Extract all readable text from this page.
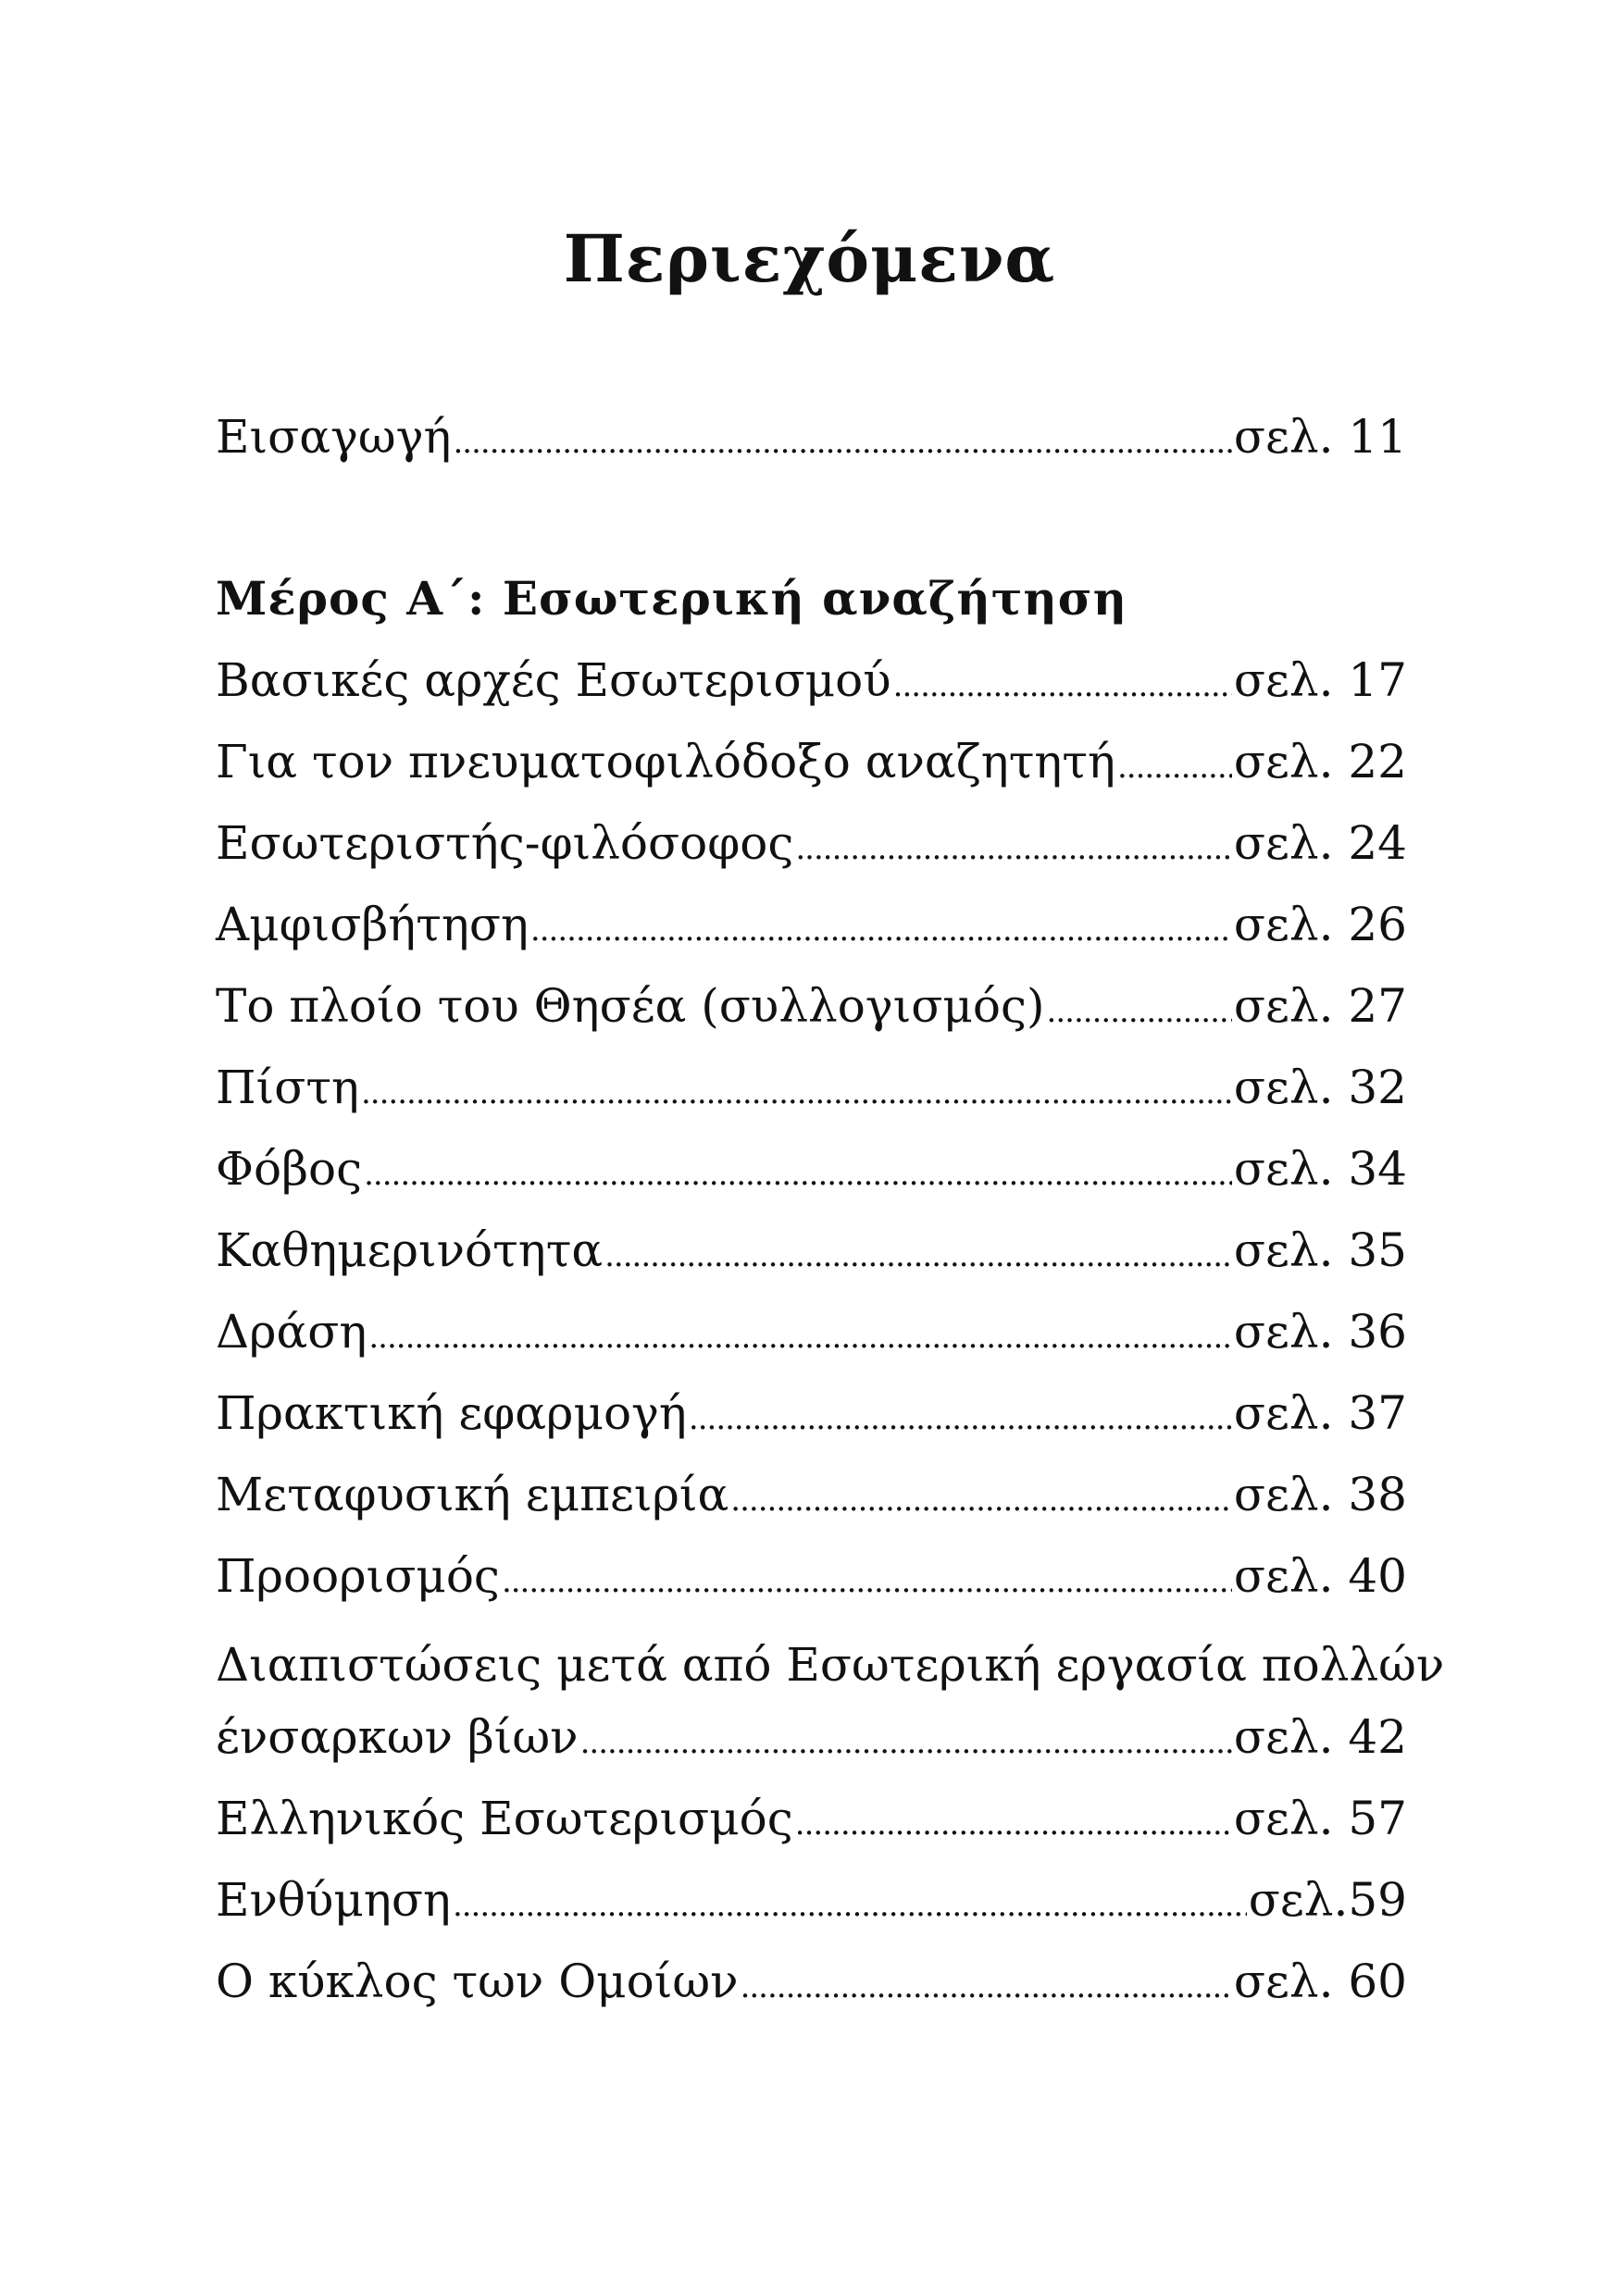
Περιεχόμενα
Εισαγωγή .....	σελ. 11
Μέρος Α΄: Εσωτερική αναζήτηση
Βασικές αρχές Εσωτερισμού .....	σελ. 17
Για τον πνευματοφιλόδοξο αναζητητή .....	σελ. 22
Εσωτεριστής-φιλόσοφος .....	σελ. 24
Αμφισβήτηση .....	σελ. 26
Το πλοίο του Θησέα (συλλογισμός) .....	σελ. 27
Πίστη .....	σελ. 32
Φόβος .....	σελ. 34
Καθημερινότητα .....	σελ. 35
Δράση .....	σελ. 36
Πρακτική εφαρμογή .....	σελ. 37
Μεταφυσική εμπειρία .....	σελ. 38
Προορισμός .....	σελ. 40
Διαπιστώσεις μετά από Εσωτερική εργασία πολλών
ένσαρκων βίων .....	σελ. 42
Ελληνικός Εσωτερισμός .....	σελ. 57
Ενθύμηση .....	σελ.59
Ο κύκλος των Ομοίων .....	σελ. 60
